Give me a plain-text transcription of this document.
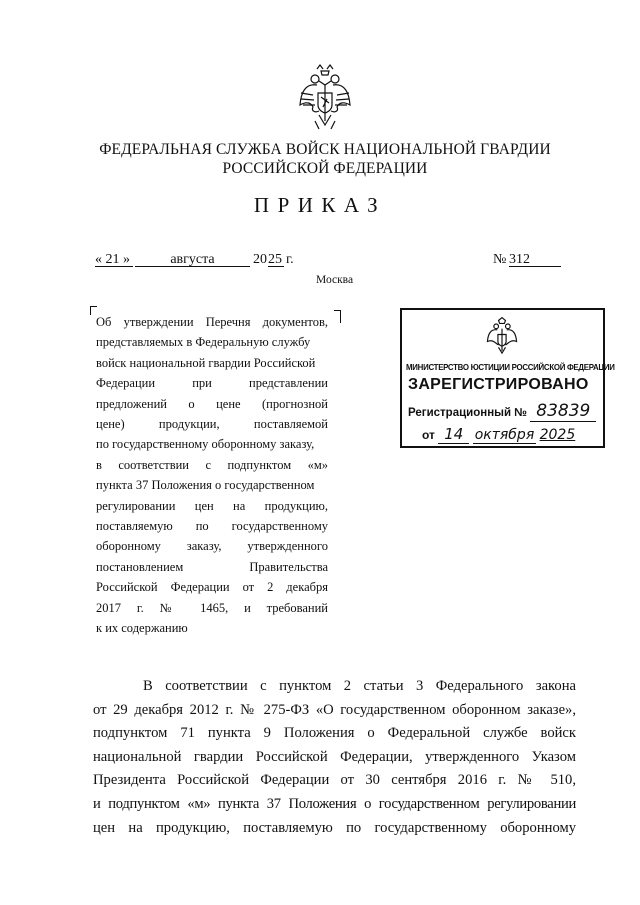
ФЕДЕРАЛЬНАЯ СЛУЖБА ВОЙСК НАЦИОНАЛЬНОЙ ГВАРДИИ
РОССИЙСКОЙ ФЕДЕРАЦИИ
ПРИКАЗ
« 21 »	августа	20 25 г.	№ 312
Москва
Об утверждении Перечня документов,
представляемых в Федеральную службу
войск национальной гвардии Российской
Федерации при представлении
предложений о цене (прогнозной
цене) продукции, поставляемой
по государственному оборонному заказу,
в соответствии с подпунктом «м»
пункта 37 Положения о государственном
регулировании цен на продукцию,
поставляемую по государственному
оборонному заказу, утвержденного
постановлением Правительства
Российской Федерации от 2 декабря
2017 г. № 1465, и требований
к их содержанию
МИНИСТЕРСТВО ЮСТИЦИИ РОССИЙСКОЙ ФЕДЕРАЦИИ
ЗАРЕГИСТРИРОВАНО
Регистрационный № 83839
от 14 октября 2025
В соответствии с пунктом 2 статьи 3 Федерального закона
от 29 декабря 2012 г. № 275-ФЗ «О государственном оборонном заказе»,
подпунктом 71 пункта 9 Положения о Федеральной службе войск
национальной гвардии Российской Федерации, утвержденного Указом
Президента Российской Федерации от 30 сентября 2016 г. № 510,
и подпунктом «м» пункта 37 Положения о государственном регулировании
цен на продукцию, поставляемую по государственному оборонному
